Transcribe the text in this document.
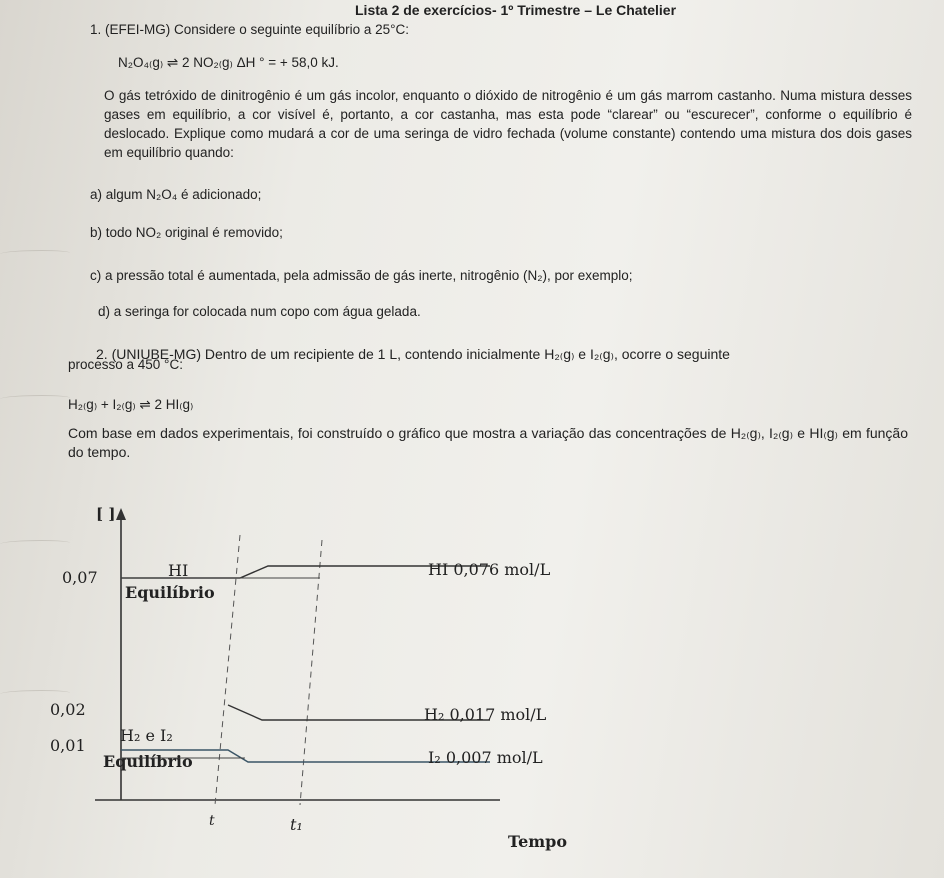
Lista 2 de exercícios- 1º Trimestre – Le Chatelier
1. (EFEI-MG) Considere o seguinte equilíbrio a 25°C:
N₂O₄₍g₎ ⇌ 2 NO₂₍g₎ ΔH ° = + 58,0 kJ.
O gás tetróxido de dinitrogênio é um gás incolor, enquanto o dióxido de nitrogênio é um gás marrom castanho. Numa mistura desses gases em equilíbrio, a cor visível é, portanto, a cor castanha, mas esta pode “clarear” ou “escurecer”, conforme o equilíbrio é deslocado. Explique como mudará a cor de uma seringa de vidro fechada (volume constante) contendo uma mistura dos dois gases em equilíbrio quando:
a) algum N₂O₄ é adicionado;
b) todo NO₂ original é removido;
c) a pressão total é aumentada, pela admissão de gás inerte, nitrogênio (N₂), por exemplo;
d) a seringa for colocada num copo com água gelada.
2. (UNIUBE-MG) Dentro de um recipiente de 1 L, contendo inicialmente H₂₍g₎ e I₂₍g₎, ocorre o seguinte
processo a 450 °C:
H₂₍g₎ + I₂₍g₎ ⇌ 2 HI₍g₎
Com base em dados experimentais, foi construído o gráfico que mostra a variação das concentrações de H₂₍g₎, I₂₍g₎ e HI₍g₎ em função do tempo.
[ ]
0,07
0,02
0,01
HI
Equilíbrio
H₂ e I₂
Equilíbrio
HI 0,076 mol/L
H₂ 0,017 mol/L
I₂ 0,007 mol/L
t	t₁
Tempo
